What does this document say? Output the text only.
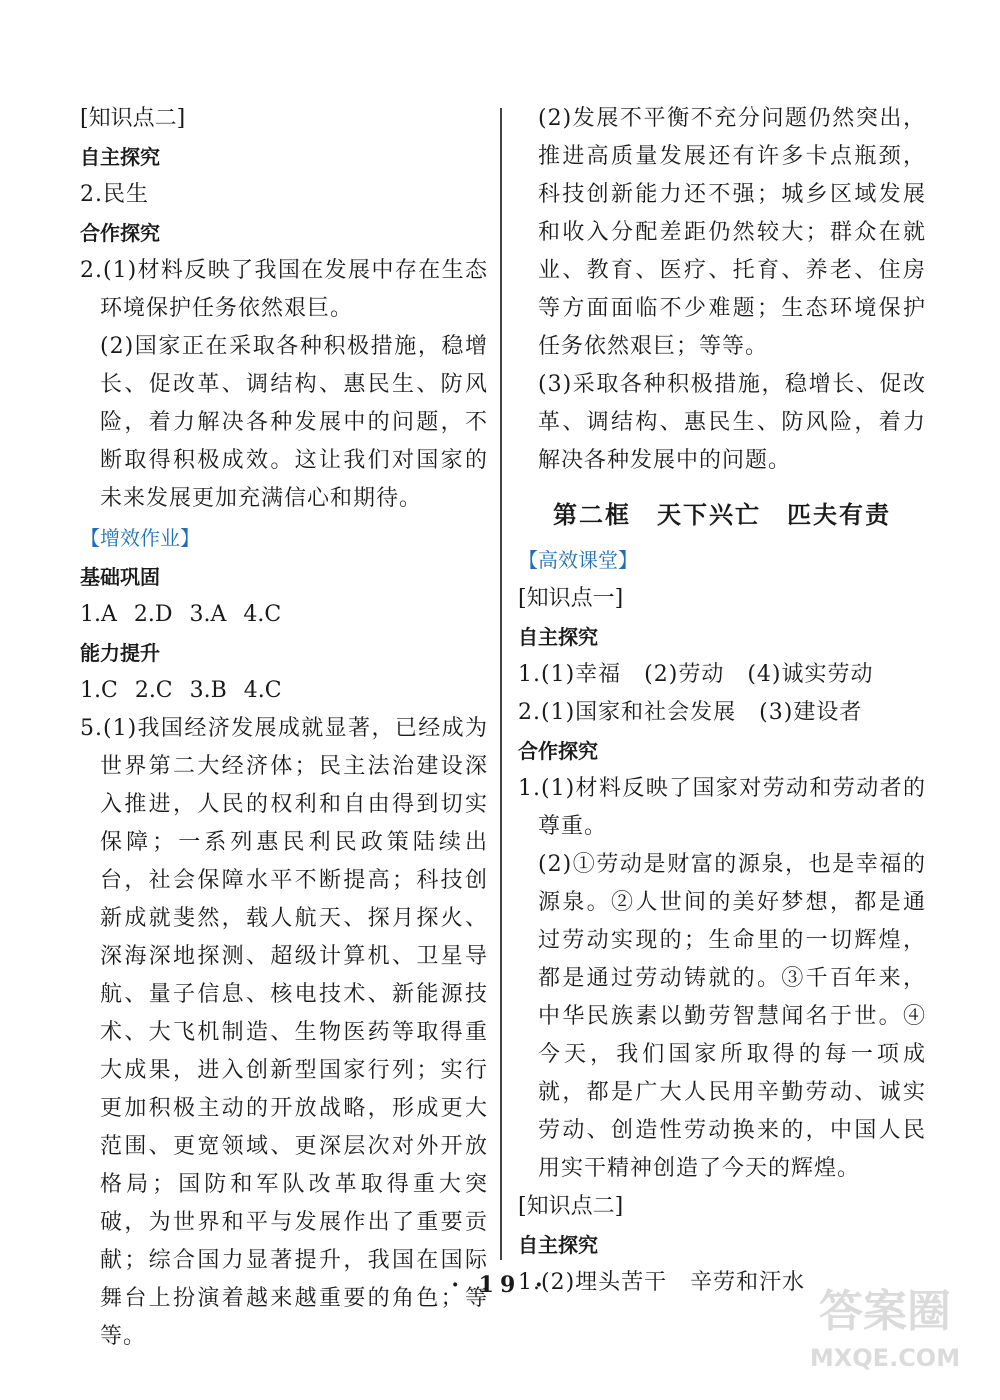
[知识点二]

自主探究

2.民生

合作探究

2.(1)材料反映了我国在发展中存在生态环境保护任务依然艰巨。

(2)国家正在采取各种积极措施，稳增长、促改革、调结构、惠民生、防风险，着力解决各种发展中的问题，不断取得积极成效。这让我们对国家的未来发展更加充满信心和期待。

【增效作业】

基础巩固

1.A 2.D 3.A 4.C

能力提升

1.C 2.C 3.B 4.C

5.(1)我国经济发展成就显著，已经成为世界第二大经济体；民主法治建设深入推进，人民的权利和自由得到切实保障；一系列惠民利民政策陆续出台，社会保障水平不断提高；科技创新成就斐然，载人航天、探月探火、深海深地探测、超级计算机、卫星导航、量子信息、核电技术、新能源技术、大飞机制造、生物医药等取得重大成果，进入创新型国家行列；实行更加积极主动的开放战略，形成更大范围、更宽领域、更深层次对外开放格局；国防和军队改革取得重大突破，为世界和平与发展作出了重要贡献；综合国力显著提升，我国在国际舞台上扮演着越来越重要的角色；等等。

(2)发展不平衡不充分问题仍然突出，推进高质量发展还有许多卡点瓶颈，科技创新能力还不强；城乡区域发展和收入分配差距仍然较大；群众在就业、教育、医疗、托育、养老、住房等方面面临不少难题；生态环境保护任务依然艰巨；等等。

(3)采取各种积极措施，稳增长、促改革、调结构、惠民生、防风险，着力解决各种发展中的问题。

第二框　天下兴亡　匹夫有责

【高效课堂】

[知识点一]

自主探究

1.(1)幸福　(2)劳动　(4)诚实劳动

2.(1)国家和社会发展　(3)建设者

合作探究

1.(1)材料反映了国家对劳动和劳动者的尊重。

(2)①劳动是财富的源泉，也是幸福的源泉。②人世间的美好梦想，都是通过劳动实现的；生命里的一切辉煌，都是通过劳动铸就的。③千百年来，中华民族素以勤劳智慧闻名于世。④今天，我们国家所取得的每一项成就，都是广大人民用辛勤劳动、诚实劳动、创造性劳动换来的，中国人民用实干精神创造了今天的辉煌。

[知识点二]

自主探究

1.(2)埋头苦干　辛劳和汗水

· 19 ·
答案圈
MXQE.COM
